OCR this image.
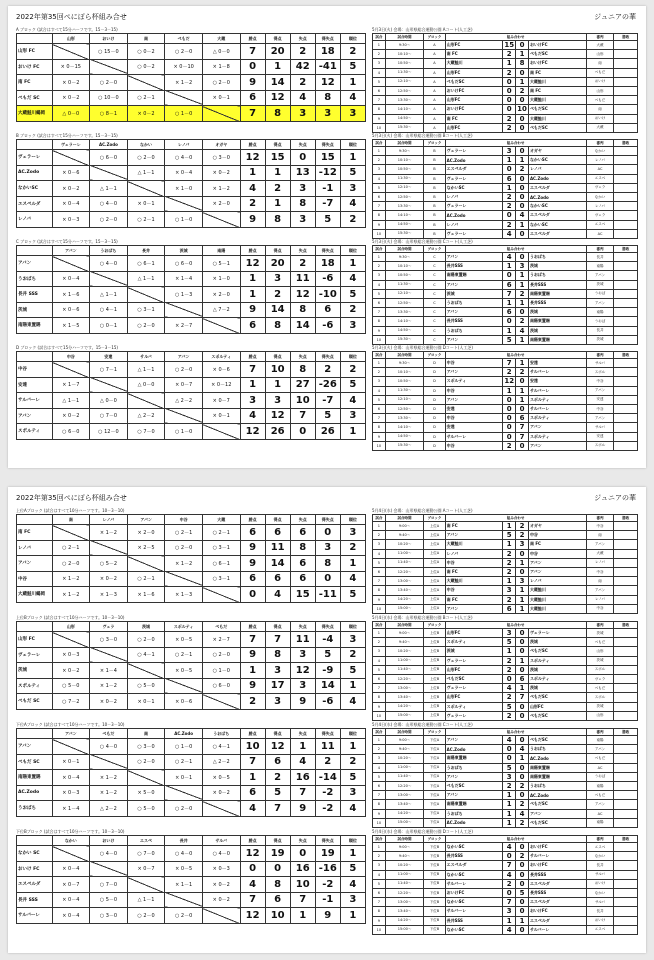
2022年第35回ぺにぽら杯組み合せ	ジュニアの華
A ブロック (試合はすべて15分ハーフです。15－3－15)
	山形	おいけ	南	ぺもだ	大蔵	勝点	得点	失点	得失点	順位
山形 FC		○ 15－0	○ 0－2	○ 2－0	△ 0－0	7	20	2	18	2
おいけ FC	× 0－15		○ 0－2	× 0－10	× 1－8	0	1	42	-41	5
南 FC	× 0－2	○ 2－0		× 1－2	○ 2－0	9	14	2	12	1
ぺもだ SC	× 0－2	○ 10－0	○ 2－1		× 0－1	6	12	4	8	4
大蔵鮭川鶴岡	△ 0－0	○ 8－1	× 0－2	○ 1－0		7	8	3	3	3
B ブロック (試合はすべて15分ハーフです。15－3－15)
	ヴェラーレ	AC.Zodo	なかい	レノバ	オガヤ	勝点	得点	失点	得失点	順位
ヴェラーレ		○ 6－0	○ 2－0	○ 4－0	○ 3－0	12	15	0	15	1
AC.Zodo	× 0－6		△ 1－1	× 0－4	× 0－2	1	1	13	-12	5
なかいSC	× 0－2	△ 1－1		× 1－0	× 1－2	4	2	3	-1	3
エスペルダ	× 0－4	○ 4－0	× 0－1		× 2－0	2	1	8	-7	4
レノバ	× 0－3	○ 2－0	○ 2－1	○ 1－0		9	8	3	5	2
C ブロック (試合はすべて15分ハーフです。15－3－15)
	アバン	うおばち	長井	茨城	南陽	勝点	得点	失点	得失点	順位
アバン		○ 4－0	○ 6－1	○ 6－0	○ 5－1	12	20	2	18	1
うおばち	× 0－4		△ 1－1	× 1－4	× 1－0	1	3	11	-6	4
長井 SSS	× 1－6	△ 1－1		○ 1－3	× 2－0	1	2	12	-10	5
茨城	× 0－6	○ 4－1	○ 3－1		△ 7－2	9	14	8	6	2
南陽東置賜	× 1－5	○ 0－1	○ 2－0	× 2－7		6	8	14	-6	3
D ブロック (試合はすべて15分ハーフです。15－3－15)
	中谷	安達	サルバ	アバン	スポルティ	勝点	得点	失点	得失点	順位
中谷		○ 7－1	△ 1－1	○ 2－0	× 0－6	7	10	8	2	2
安達	× 1－7		△ 0－0	× 0－7	× 0－12	1	1	27	-26	5
サルバーレ	△ 1－1	△ 0－0		△ 2－2	× 0－7	3	3	10	-7	4
アバン	× 0－2	○ 7－0	△ 2－2		× 0－1	4	12	7	5	3
スポルティ	○ 6－0	○ 12－0	○ 7－0	○ 1－0		12	26	0	26	1
5月3日(火) 会場：山形県総合運動公園 Aコート(人工芝)
試合	試合時間	ブロック	組み合わせ				審判	勝敗
1	9:30〜	A	山形FC	15	0	おいけFC	大蔵	
2	10:10〜	A	南 FC	2	1	ぺもだSC	山形	
3	10:50〜	A	大蔵鮭川	1	8	おいけFC	南	
4	11:30〜	A	山形FC	2	0	南 FC	ぺもだ	
5	12:10〜	A	ぺもだSC	0	1	大蔵鮭川	おいけ	
6	12:50〜	A	おいけFC	0	2	南 FC	山形	
7	13:30〜	A	山形FC	0	0	大蔵鮭川	ぺもだ	
8	14:10〜	A	おいけFC	0	10	ぺもだSC	南	
9	14:50〜	A	南 FC	2	0	大蔵鮭川	おいけ	
10	15:30〜	A	山形FC	2	0	ぺもだSC	大蔵	
5月3日(火) 会場：山形県総合運動公園 Bコート(人工芝)
試合	試合時間	ブロック	組み合わせ				審判	勝敗
1	9:30〜	B	ヴェラーレ	3	0	オガヤ	なかい	
2	10:10〜	B	AC.Zodo	1	1	なかいSC	レノバ	
3	10:50〜	B	エスペルダ	0	2	レノバ	AC	
4	11:30〜	B	ヴェラーレ	6	0	AC.Zodo	エスペ	
5	12:10〜	B	なかいSC	1	0	エスペルダ	ヴェラ	
6	12:50〜	B	レノバ	2	0	AC.Zodo	なかい	
7	13:30〜	B	ヴェラーレ	2	0	なかいSC	レノバ	
8	14:10〜	B	AC.Zodo	0	4	エスペルダ	ヴェラ	
9	14:50〜	B	レノバ	2	1	なかいSC	エスペ	
10	15:30〜	B	ヴェラーレ	4	0	エスペルダ	AC	
5月3日(火) 会場：山形県総合運動公園 Cコート(人工芝)
試合	試合時間	ブロック	組み合わせ				審判	勝敗
1	9:30〜	C	アバン	4	0	うおばち	長井	
2	10:10〜	C	長井SSS	1	3	茨城	南陽	
3	10:50〜	C	南陽東置賜	0	1	うおばち	アバン	
4	11:30〜	C	アバン	6	1	長井SSS	茨城	
5	12:10〜	C	茨城	7	2	南陽東置賜	うおば	
6	12:50〜	C	うおばち	1	1	長井SSS	アバン	
7	13:30〜	C	アバン	6	0	茨城	南陽	
8	14:10〜	C	長井SSS	0	2	南陽東置賜	うおば	
9	14:50〜	C	うおばち	1	4	茨城	長井	
10	15:30〜	C	アバン	5	1	南陽東置賜	茨城	
5月3日(火) 会場：山形県総合運動公園 Dコート(人工芝)
試合	試合時間	ブロック	組み合わせ				審判	勝敗
1	9:30〜	D	中谷	7	1	安達	サルバ	
2	10:10〜	D	アバン	2	2	サルバーレ	スポル	
3	10:50〜	D	スポルティ	12	0	安達	中谷	
4	11:30〜	D	中谷	1	1	サルバーレ	アバン	
5	12:10〜	D	アバン	0	1	スポルティ	安達	
6	12:50〜	D	安達	0	0	サルバーレ	中谷	
7	13:30〜	D	中谷	0	6	スポルティ	アバン	
8	14:10〜	D	安達	0	7	アバン	サルバ	
9	14:50〜	D	サルバーレ	0	7	スポルティ	安達	
10	15:30〜	D	中谷	2	0	アバン	スポル	
2022年第35回ぺにぽら杯組み合せ	ジュニアの華
上位Aブロック (試合はすべて10分ハーフです。10－3－10)
	南	レノバ	アバン	中谷	大蔵	勝点	得点	失点	得失点	順位
南 FC		× 1－2	× 2－0	○ 2－1	○ 2－1	6	6	6	0	3
レノバ	○ 2－1		× 2－5	○ 2－0	○ 3－1	9	11	8	3	2
アバン	○ 2－0	○ 5－2		× 1－2	○ 6－1	9	14	6	8	1
中谷	× 1－2	× 0－2	○ 2－1		○ 3－1	6	6	6	0	4
大蔵鮭川鶴岡	× 1－2	× 1－3	× 1－6	× 1－3		0	4	15	-11	5
上位Bブロック (試合はすべて10分ハーフです。10－3－10)
	山形	ヴェラ	茨城	スポルティ	ぺもだ	勝点	得点	失点	得失点	順位
山形 FC		○ 3－0	○ 2－0	× 0－5	× 2－7	7	7	11	-4	3
ヴェラーレ	× 0－3		○ 4－1	○ 2－1	○ 2－0	9	8	3	5	2
茨城	× 0－2	× 1－4		× 0－5	○ 1－0	1	3	12	-9	5
スポルティ	○ 5－0	× 1－2	○ 5－0		○ 6－0	9	17	3	14	1
ぺもだ SC	○ 7－2	× 0－2	× 0－1	× 0－6		2	3	9	-6	4
下位Aブロック (試合はすべて10分ハーフです。10－3－10)
	アバン	ぺもだ	南	AC.Zodo	うおばち	勝点	得点	失点	得失点	順位
アバン		○ 4－0	○ 3－0	○ 1－0	○ 4－1	10	12	1	11	1
ぺもだ SC	× 0－1		○ 2－0	○ 2－1	△ 2－2	7	6	4	2	2
南陽東置賜	× 0－4	× 1－2		× 0－1	× 0－5	1	2	16	-14	5
AC.Zodo	× 0－3	× 1－2	× 5－0		× 0－2	6	5	7	-2	3
うおばち	× 1－4	△ 2－2	○ 5－0	○ 2－0		4	7	9	-2	4
下位Bブロック (試合はすべて10分ハーフです。10－3－10)
	なかい	おいけ	エスペ	長井	サルバ	勝点	得点	失点	得失点	順位
なかい SC		○ 4－0	○ 7－0	○ 4－0	○ 4－0	12	19	0	19	1
おいけ FC	× 0－4		× 0－7	× 0－5	× 0－3	0	0	16	-16	5
エスペルダ	× 0－7	○ 7－0		× 1－1	× 0－2	4	8	10	-2	4
長井 SSS	× 0－4	○ 5－0	△ 1－1		× 0－2	7	6	7	-1	3
サルバーレ	× 0－4	○ 3－0	○ 2－0	○ 2－0		12	10	1	9	1
5月4日(水) 会場：山形県総合運動公園 Aコート(人工芝)
試合	試合時間	ブロック	組み合わせ				審判	勝敗
1	9:00〜	上位A	南 FC	1	2	オガヤ	中谷	
2	9:40〜	上位A	アバン	5	2	中谷	南	
3	10:20〜	上位A	大蔵鮭川	1	3	南 FC	アバン	
4	11:00〜	上位A	レノバ	2	0	中谷	大蔵	
5	11:40〜	上位A	中谷	2	1	アバン	レノバ	
6	12:20〜	上位A	南 FC	2	0	アバン	中谷	
7	13:00〜	上位A	大蔵鮭川	1	3	レノバ	南	
8	13:40〜	上位A	中谷	3	1	大蔵鮭川	アバン	
9	14:20〜	上位A	南 FC	2	1	大蔵鮭川	レノバ	
10	15:00〜	上位A	アバン	6	1	大蔵鮭川	中谷	
5月4日(水) 会場：山形県総合運動公園 Bコート(人工芝)
試合	試合時間	ブロック	組み合わせ				審判	勝敗
1	9:00〜	上位B	山形FC	3	0	ヴェラーレ	茨城	
2	9:40〜	上位B	スポルティ	5	0	茨城	ぺもだ	
3	10:20〜	上位B	茨城	1	0	ぺもだSC	山形	
4	11:00〜	上位B	ヴェラーレ	2	1	スポルティ	茨城	
5	11:40〜	上位B	山形FC	2	0	茨城	スポル	
6	12:20〜	上位B	ぺもだSC	0	6	スポルティ	ヴェラ	
7	13:00〜	上位B	ヴェラーレ	4	1	茨城	ぺもだ	
8	13:40〜	上位B	山形FC	2	7	ぺもだSC	スポル	
9	14:20〜	上位B	スポルティ	5	0	山形FC	茨城	
10	15:00〜	上位B	ヴェラーレ	2	0	ぺもだSC	山形	
5月4日(水) 会場：山形県総合運動公園 Cコート(人工芝)
試合	試合時間	ブロック	組み合わせ				審判	勝敗
1	9:00〜	下位A	アバン	4	0	ぺもだSC	南陽	
2	9:40〜	下位A	AC.Zodo	0	4	うおばち	アバン	
3	10:20〜	下位A	南陽東置賜	0	1	AC.Zodo	ぺもだ	
4	11:00〜	下位A	うおばち	5	0	南陽東置賜	AC	
5	11:40〜	下位A	アバン	3	0	南陽東置賜	うおば	
6	12:20〜	下位A	ぺもだSC	2	2	うおばち	南陽	
7	13:00〜	下位A	アバン	1	0	AC.Zodo	ぺもだ	
8	13:40〜	下位A	南陽東置賜	1	2	ぺもだSC	アバン	
9	14:20〜	下位A	うおばち	1	4	アバン	AC	
10	15:00〜	下位A	AC.Zodo	1	2	ぺもだSC	南陽	
5月4日(水) 会場：山形県総合運動公園 Dコート(人工芝)
試合	試合時間	ブロック	組み合わせ				審判	勝敗
1	9:00〜	下位B	なかいSC	4	0	おいけFC	エスペ	
2	9:40〜	下位B	長井SSS	0	2	サルバーレ	なかい	
3	10:20〜	下位B	エスペルダ	7	0	おいけFC	長井	
4	11:00〜	下位B	なかいSC	4	0	長井SSS	サルバ	
5	11:40〜	下位B	サルバーレ	2	0	エスペルダ	おいけ	
6	12:20〜	下位B	おいけFC	0	5	長井SSS	なかい	
7	13:00〜	下位B	なかいSC	7	0	エスペルダ	サルバ	
8	13:40〜	下位B	サルバーレ	3	0	おいけFC	長井	
9	14:20〜	下位B	長井SSS	1	1	エスペルダ	おいけ	
10	15:00〜	下位B	なかいSC	4	0	サルバーレ	エスペ	
